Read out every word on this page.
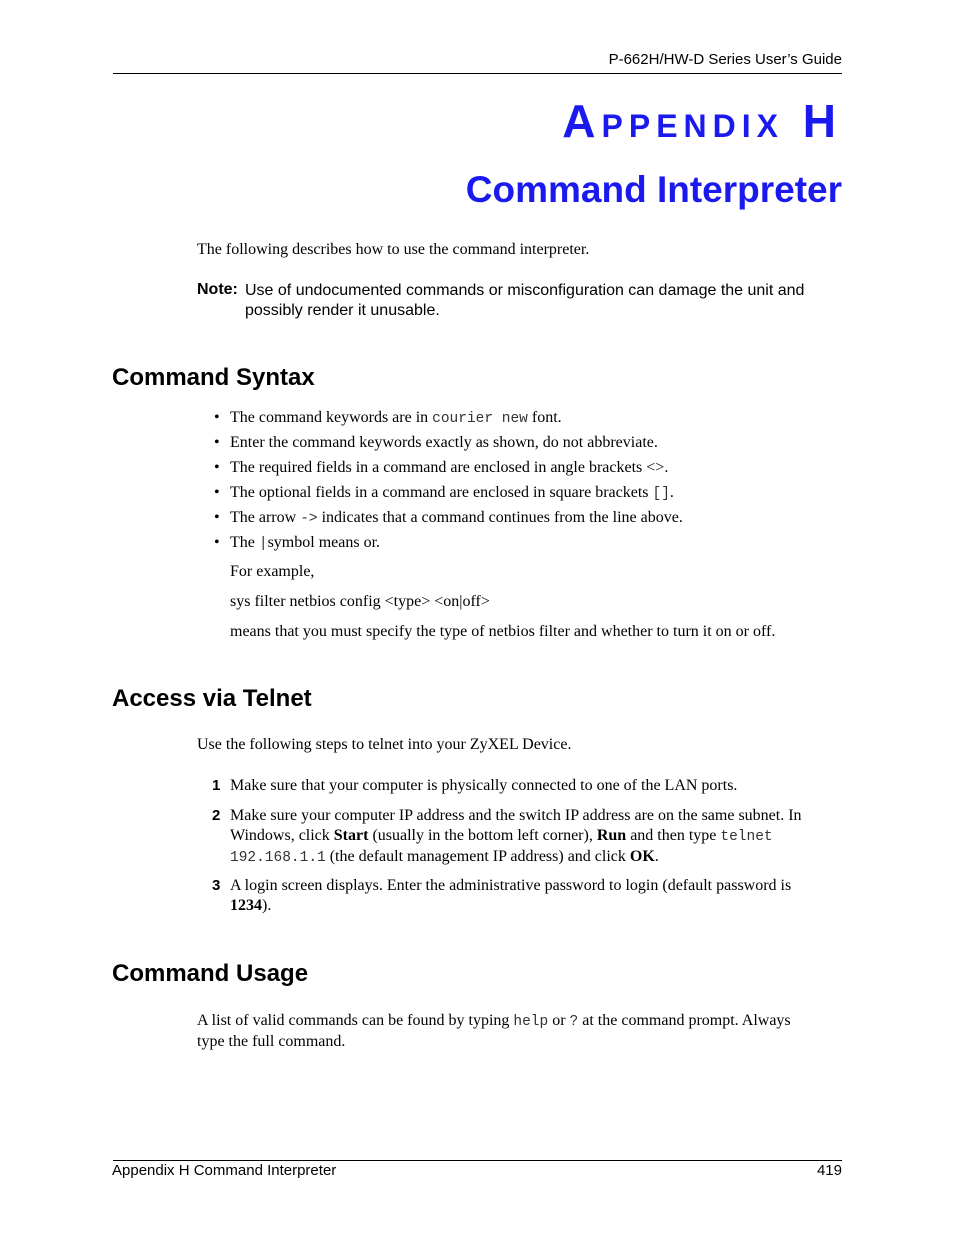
P-662H/HW-D Series User’s Guide
Appendix H
Command Interpreter
The following describes how to use the command interpreter.
Note: Use of undocumented commands or misconfiguration can damage the unit and
possibly render it unusable.
Command Syntax
• The command keywords are in courier new font.
• Enter the command keywords exactly as shown, do not abbreviate.
• The required fields in a command are enclosed in angle brackets <>.
• The optional fields in a command are enclosed in square brackets [].
• The arrow -> indicates that a command continues from the line above.
• The |symbol means or.
For example,
sys filter netbios config <type> <on|off>
means that you must specify the type of netbios filter and whether to turn it on or off.
Access via Telnet
Use the following steps to telnet into your ZyXEL Device.
1 Make sure that your computer is physically connected to one of the LAN ports.
2 Make sure your computer IP address and the switch IP address are on the same subnet. In
Windows, click Start (usually in the bottom left corner), Run and then type telnet
192.168.1.1 (the default management IP address) and click OK.
3 A login screen displays. Enter the administrative password to login (default password is
1234).
Command Usage
A list of valid commands can be found by typing help or ? at the command prompt. Always
type the full command.
Appendix H Command Interpreter	419
